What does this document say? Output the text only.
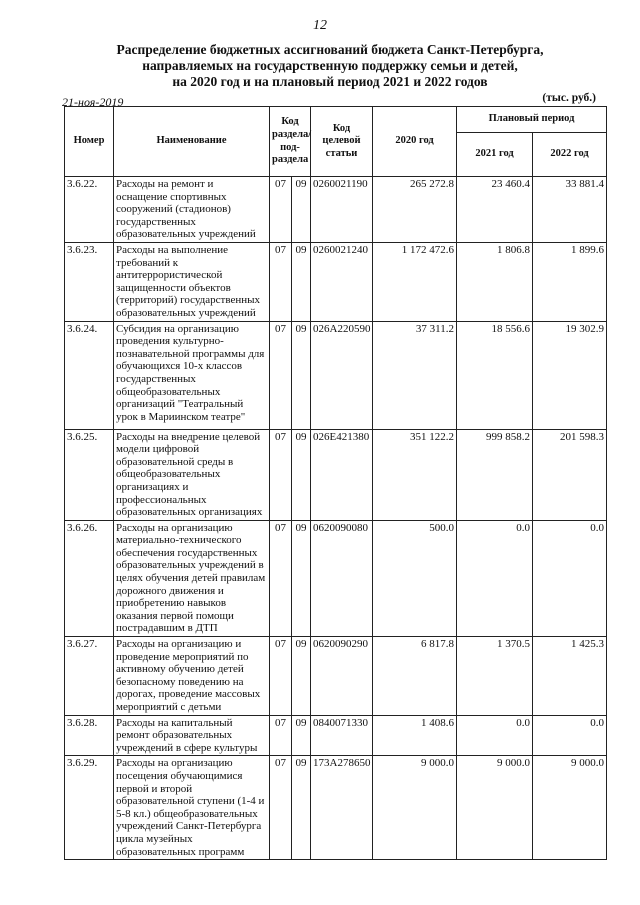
12
Распределение бюджетных ассигнований бюджета Санкт-Петербурга,
направляемых на государственную поддержку семьи и детей,
на 2020 год и на плановый период 2021 и 2022 годов
21-ноя-2019	(тыс. руб.)
Номер	Наименование	Код раздела/ под-раздела		Код целевой статьи	2020 год	Плановый период	
						2021 год	2022 год
3.6.22.	Расходы на ремонт и оснащение спортивных сооружений (стадионов) государственных образовательных учреждений	07	09	0260021190	265 272.8	23 460.4	33 881.4
3.6.23.	Расходы на выполнение требований к антитеррористической защищенности объектов (территорий) государственных образовательных учреждений	07	09	0260021240	1 172 472.6	1 806.8	1 899.6
3.6.24.	Субсидия на организацию проведения культурно-познавательной программы для обучающихся 10-х классов государственных общеобразовательных организаций "Театральный урок в Мариинском театре"	07	09	026A220590	37 311.2	18 556.6	19 302.9
3.6.25.	Расходы на внедрение целевой модели цифровой образовательной среды в общеобразовательных организациях и профессиональных образовательных организациях	07	09	026E421380	351 122.2	999 858.2	201 598.3
3.6.26.	Расходы на организацию материально-технического обеспечения государственных образовательных учреждений в целях обучения детей правилам дорожного движения и приобретению навыков оказания первой помощи пострадавшим в ДТП	07	09	0620090080	500.0	0.0	0.0
3.6.27.	Расходы на организацию и проведение мероприятий по активному обучению детей безопасному поведению на дорогах, проведение массовых мероприятий с детьми	07	09	0620090290	6 817.8	1 370.5	1 425.3
3.6.28.	Расходы на капитальный ремонт образовательных учреждений в сфере культуры	07	09	0840071330	1 408.6	0.0	0.0
3.6.29.	Расходы на организацию посещения обучающимися первой и второй образовательной ступени (1-4 и 5-8 кл.) общеобразовательных учреждений Санкт-Петербурга цикла музейных образовательных программ	07	09	173A278650	9 000.0	9 000.0	9 000.0
